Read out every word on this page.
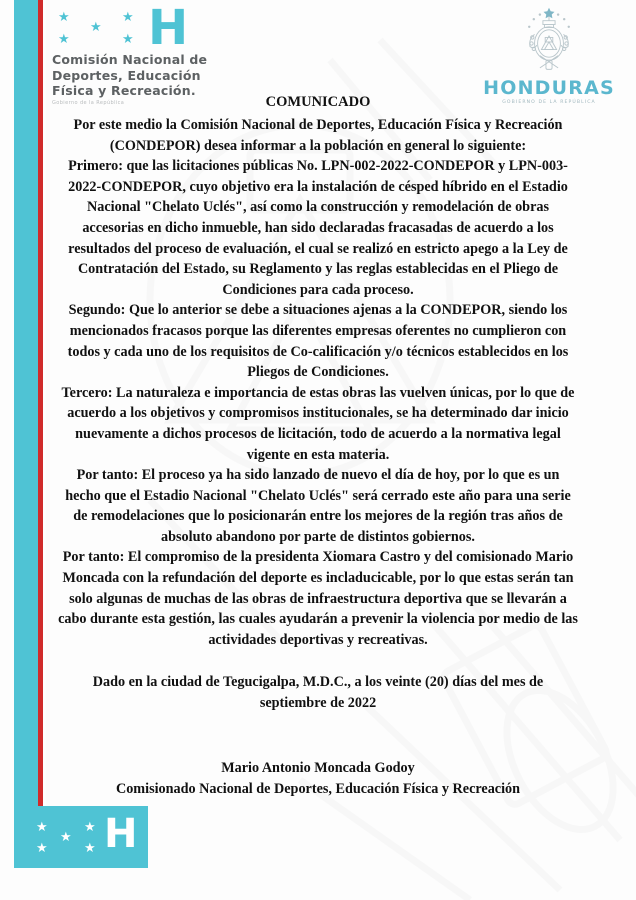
★
★
★
★	★ H
Comisión Nacional de
Deportes, Educación
Física y Recreación.
Gobierno de la República
HONDURAS
GOBIERNO DE LA REPÚBLICA
COMUNICADO

Por este medio la Comisión Nacional de Deportes, Educación Física y Recreación (CONDEPOR) desea informar a la población en general lo siguiente:

Primero: que las licitaciones públicas No. LPN-002-2022-CONDEPOR y LPN-003-2022-CONDEPOR, cuyo objetivo era la instalación de césped híbrido en el Estadio Nacional "Chelato Uclés", así como la construcción y remodelación de obras accesorias en dicho inmueble, han sido declaradas fracasadas de acuerdo a los resultados del proceso de evaluación, el cual se realizó en estricto apego a la Ley de Contratación del Estado, su Reglamento y las reglas establecidas en el Pliego de Condiciones para cada proceso.

Segundo: Que lo anterior se debe a situaciones ajenas a la CONDEPOR, siendo los mencionados fracasos porque las diferentes empresas oferentes no cumplieron con todos y cada uno de los requisitos de Co-calificación y/o técnicos establecidos en los Pliegos de Condiciones.

Tercero: La naturaleza e importancia de estas obras las vuelven únicas, por lo que de acuerdo a los objetivos y compromisos institucionales, se ha determinado dar inicio nuevamente a dichos procesos de licitación, todo de acuerdo a la normativa legal vigente en esta materia.

Por tanto: El proceso ya ha sido lanzado de nuevo el día de hoy, por lo que es un hecho que el Estadio Nacional "Chelato Uclés" será cerrado este año para una serie de remodelaciones que lo posicionarán entre los mejores de la región tras años de absoluto abandono por parte de distintos gobiernos.

Por tanto: El compromiso de la presidenta Xiomara Castro y del comisionado Mario Moncada con la refundación del deporte es incladucicable, por lo que estas serán tan solo algunas de muchas de las obras de infraestructura deportiva que se llevarán a cabo durante esta gestión, las cuales ayudarán a prevenir la violencia por medio de las actividades deportivas y recreativas.

Dado en la ciudad de Tegucigalpa, M.D.C., a los veinte (20) días del mes de septiembre de 2022

Mario Antonio Moncada Godoy
Comisionado Nacional de Deportes, Educación Física y Recreación
★
★
★
★	★ H
